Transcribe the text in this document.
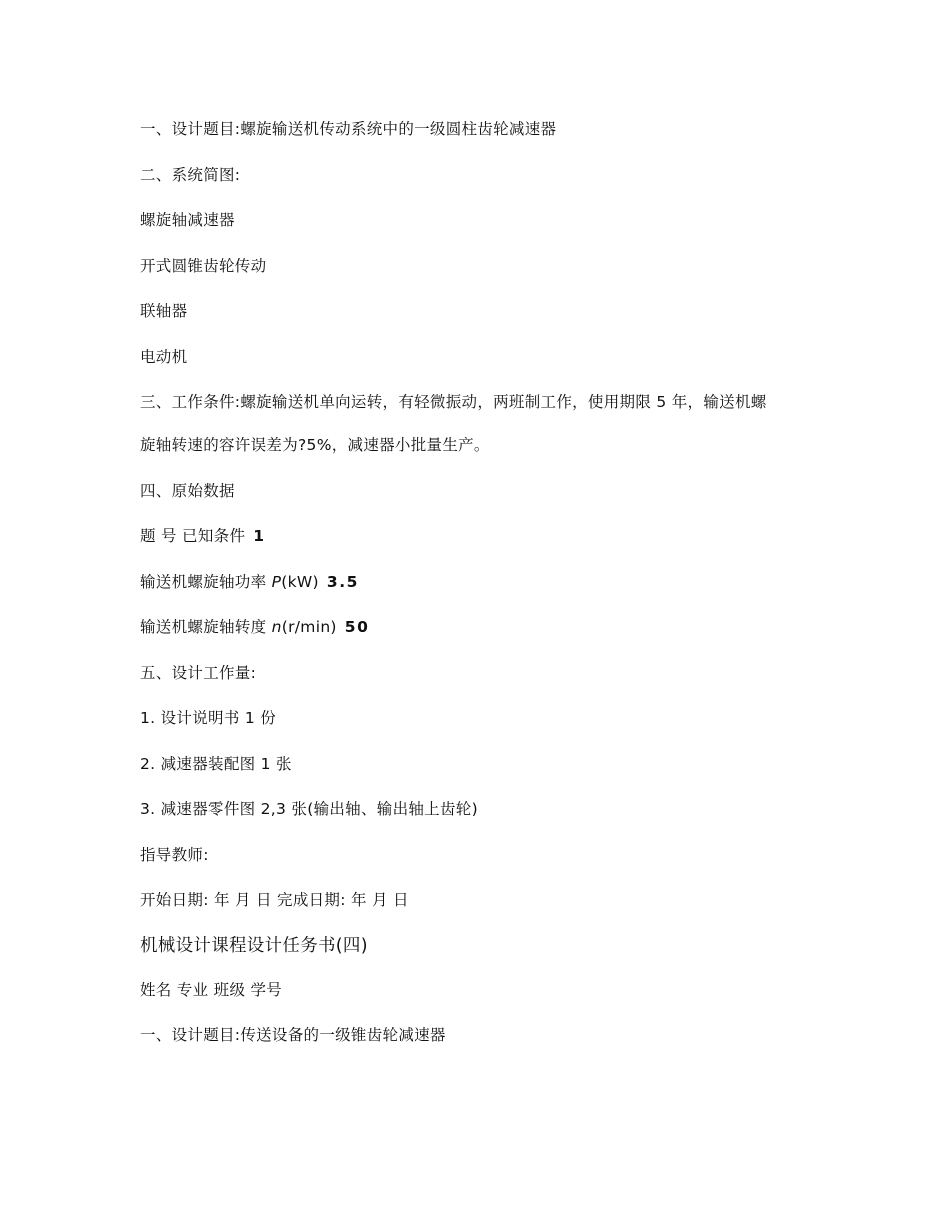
一、设计题目:螺旋输送机传动系统中的一级圆柱齿轮减速器

二、系统简图:

螺旋轴减速器

开式圆锥齿轮传动

联轴器

电动机

三、工作条件:螺旋输送机单向运转，有轻微振动，两班制工作，使用期限 5 年，输送机螺

旋轴转速的容许误差为?5%，减速器小批量生产。

四、原始数据

题 号 已知条件 1

输送机螺旋轴功率 P(kW) 3.5

输送机螺旋轴转度 n(r/min) 50

五、设计工作量:

1. 设计说明书 1 份

2. 减速器装配图 1 张

3. 减速器零件图 2,3 张(输出轴、输出轴上齿轮)

指导教师:

开始日期: 年 月 日 完成日期: 年 月 日

机械设计课程设计任务书(四)

姓名 专业 班级 学号

一、设计题目:传送设备的一级锥齿轮减速器
